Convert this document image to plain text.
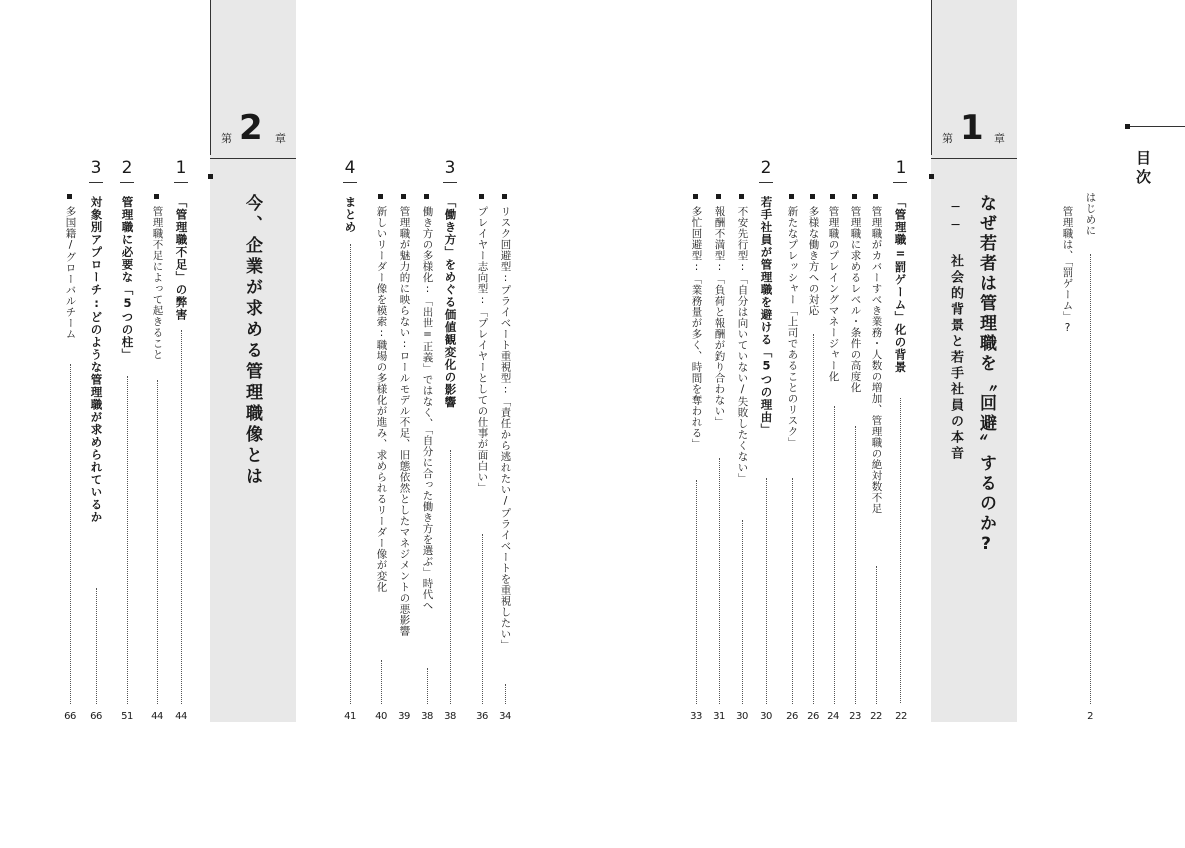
目次
はじめに
管理職は、「罰ゲーム」?
2
第 1 章
なぜ若者は管理職を〝回避〟するのか?
── 社会的背景と若手社員の本音
1
「管理職=罰ゲーム」化の背景
22
管理職がカバーすべき業務・人数の増加、管理職の絶対数不足
22
管理職に求めるレベル・条件の高度化
23
管理職のプレイングマネージャー化
24
多様な働き方への対応
26
新たなプレッシャー「上司であることのリスク」
26
2
若手社員が管理職を避ける「5つの理由」
30
不安先行型:「自分は向いていない/失敗したくない」
30
報酬不満型:「負荷と報酬が釣り合わない」
31
多忙回避型:「業務量が多く、時間を奪われる」
33
リスク回避型:プライベート重視型:「責任から逃れたい/プライベートを重視したい」
34
プレイヤー志向型:「プレイヤーとしての仕事が面白い」
36
3
「働き方」をめぐる価値観変化の影響
38
働き方の多様化:「出世=正義」ではなく、「自分に合った働き方を選ぶ」時代へ
38
管理職が魅力的に映らない:ロールモデル不足、旧態依然としたマネジメントの悪影響
39
新しいリーダー像を模索:職場の多様化が進み、求められるリーダー像が変化
40
4
まとめ
41
第 2 章
今、企業が求める管理職像とは
1
「管理職不足」の弊害
44
管理職不足によって起きること
44
2
管理職に必要な「5つの柱」
51
3
対象別アプローチ:どのような管理職が求められているか
66
多国籍/グローバルチーム
66
